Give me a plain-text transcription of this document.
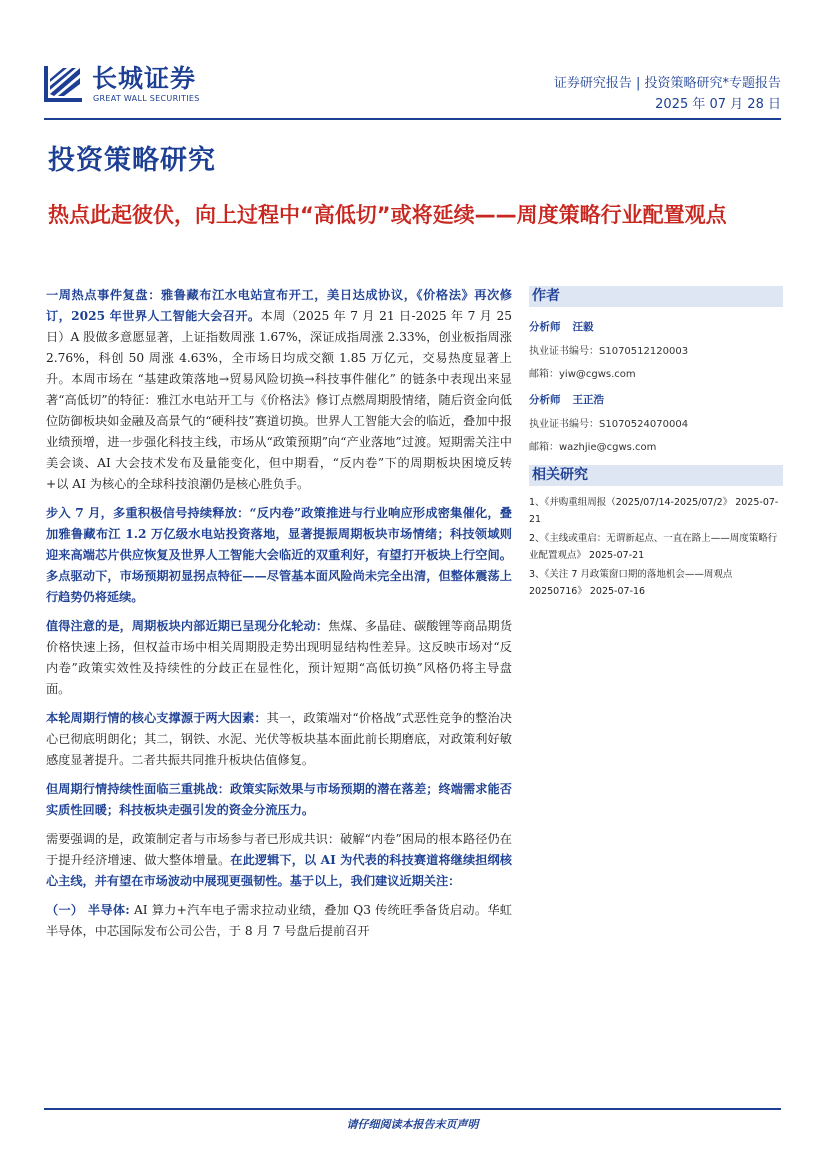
长城证券
GREAT WALL SECURITIES
证券研究报告 | 投资策略研究*专题报告
2025 年 07 月 28 日
投资策略研究
热点此起彼伏，向上过程中“高低切”或将延续——周度策略行业配置观点
一周热点事件复盘：雅鲁藏布江水电站宣布开工，美日达成协议，《价格法》再次修订，2025 年世界人工智能大会召开。本周（2025 年 7 月 21 日-2025 年 7 月 25 日）A 股做多意愿显著，上证指数周涨 1.67%，深证成指周涨 2.33%，创业板指周涨 2.76%，科创 50 周涨 4.63%，全市场日均成交额 1.85 万亿元，交易热度显著上升。本周市场在 “基建政策落地→贸易风险切换→科技事件催化” 的链条中表现出来显著“高低切”的特征：雅江水电站开工与《价格法》修订点燃周期股情绪，随后资金向低位防御板块如金融及高景气的“硬科技”赛道切换。世界人工智能大会的临近，叠加中报业绩预增，进一步强化科技主线，市场从“政策预期”向“产业落地”过渡。短期需关注中美会谈、AI 大会技术发布及量能变化，但中期看，“反内卷”下的周期板块困境反转+以 AI 为核心的全球科技浪潮仍是核心胜负手。
步入 7 月，多重积极信号持续释放：“反内卷”政策推进与行业响应形成密集催化，叠加雅鲁藏布江 1.2 万亿级水电站投资落地，显著提振周期板块市场情绪；科技领域则迎来高端芯片供应恢复及世界人工智能大会临近的双重利好，有望打开板块上行空间。多点驱动下，市场预期初显拐点特征——尽管基本面风险尚未完全出清，但整体震荡上行趋势仍将延续。
值得注意的是，周期板块内部近期已呈现分化轮动：焦煤、多晶硅、碳酸锂等商品期货价格快速上扬，但权益市场中相关周期股走势出现明显结构性差异。这反映市场对“反内卷”政策实效性及持续性的分歧正在显性化，预计短期“高低切换”风格仍将主导盘面。
本轮周期行情的核心支撑源于两大因素：其一，政策端对“价格战”式恶性竞争的整治决心已彻底明朗化；其二，钢铁、水泥、光伏等板块基本面此前长期磨底，对政策利好敏感度显著提升。二者共振共同推升板块估值修复。
但周期行情持续性面临三重挑战：政策实际效果与市场预期的潜在落差；终端需求能否实质性回暖；科技板块走强引发的资金分流压力。
需要强调的是，政策制定者与市场参与者已形成共识：破解“内卷”困局的根本路径仍在于提升经济增速、做大整体增量。在此逻辑下，以 AI 为代表的科技赛道将继续担纲核心主线，并有望在市场波动中展现更强韧性。基于以上，我们建议近期关注：
（一） 半导体: AI 算力+汽车电子需求拉动业绩，叠加 Q3 传统旺季备货启动。华虹半导体，中芯国际发布公司公告，于 8 月 7 号盘后提前召开
作者
分析师 汪毅
执业证书编号：S1070512120003
邮箱：yiw@cgws.com
分析师 王正浩
执业证书编号：S1070524070004
邮箱：wazhjie@cgws.com
相关研究
1、《并购重组周报（2025/07/14-2025/07/2》 2025-07-21
2、《主线或重启：无谓新起点、一直在路上——周度策略行业配置观点》 2025-07-21
3、《关注 7 月政策窗口期的落地机会——周观点 20250716》 2025-07-16
请仔细阅读本报告末页声明
